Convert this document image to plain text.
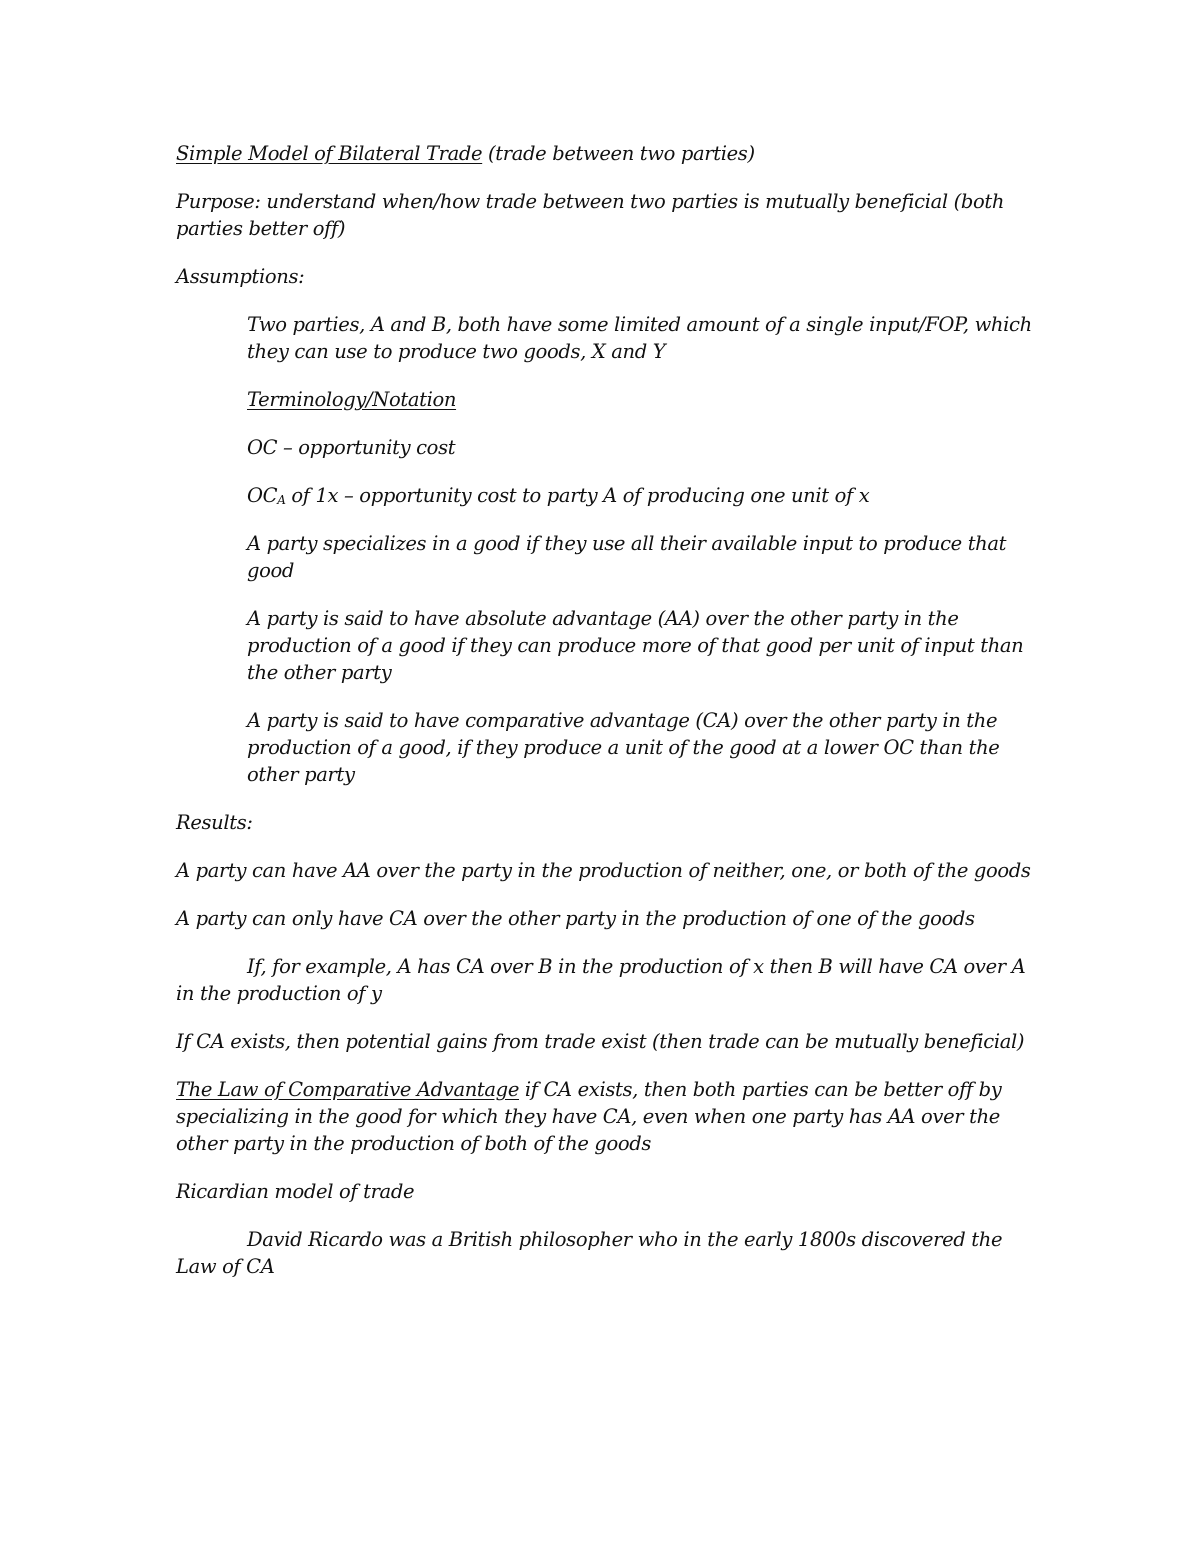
Simple Model of Bilateral Trade (trade between two parties)

Purpose: understand when/how trade between two parties is mutually beneficial (both parties better off)

Assumptions:

Two parties, A and B, both have some limited amount of a single input/FOP, which they can use to produce two goods, X and Y

Terminology/Notation

OC – opportunity cost

$OC_A$ of 1x – opportunity cost to party A of producing one unit of x

A party specializes in a good if they use all their available input to produce that good

A party is said to have absolute advantage (AA) over the other party in the production of a good if they can produce more of that good per unit of input than the other party

A party is said to have comparative advantage (CA) over the other party in the production of a good, if they produce a unit of the good at a lower OC than the other party

Results:

A party can have AA over the party in the production of neither, one, or both of the goods

A party can only have CA over the other party in the production of one of the goods

If, for example, A has CA over B in the production of x then B will have CA over A in the production of y

If CA exists, then potential gains from trade exist (then trade can be mutually beneficial)

The Law of Comparative Advantage if CA exists, then both parties can be better off by specializing in the good for which they have CA, even when one party has AA over the other party in the production of both of the goods

Ricardian model of trade

David Ricardo was a British philosopher who in the early 1800s discovered the Law of CA
